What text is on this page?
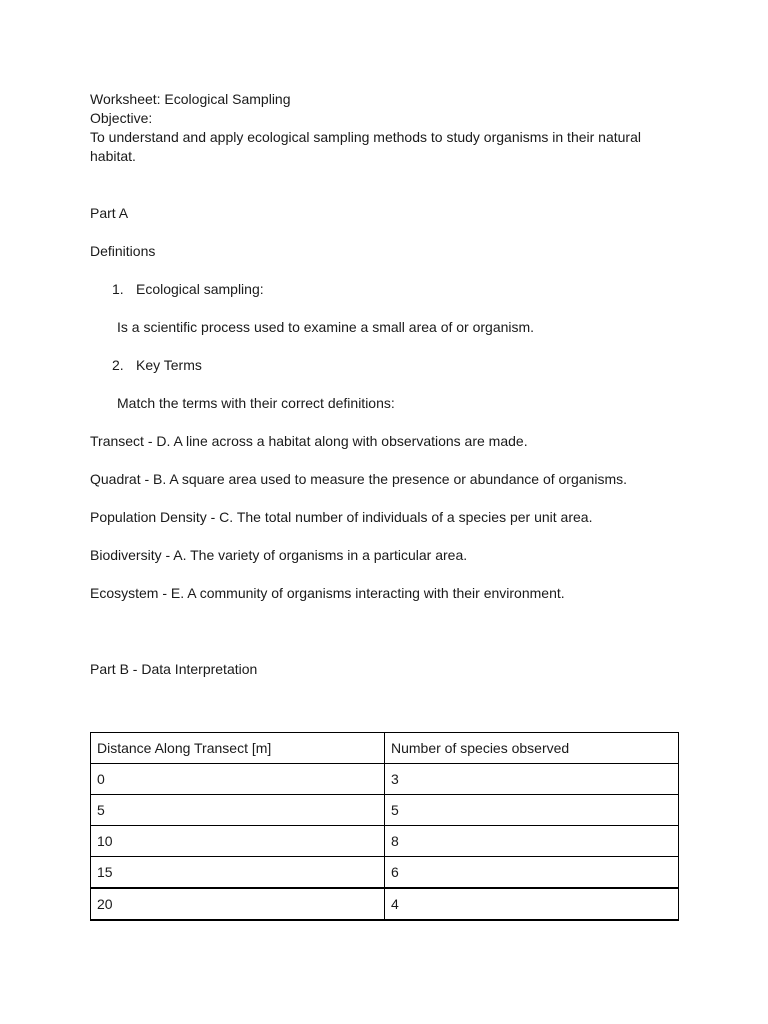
Worksheet: Ecological Sampling

Objective:

To understand and apply ecological sampling methods to study organisms in their natural habitat.

Part A

Definitions

1. Ecological sampling:

Is a scientific process used to examine a small area of or organism.

2. Key Terms

Match the terms with their correct definitions:

Transect - D. A line across a habitat along with observations are made.

Quadrat - B. A square area used to measure the presence or abundance of organisms.

Population Density - C. The total number of individuals of a species per unit area.

Biodiversity - A. The variety of organisms in a particular area.

Ecosystem - E. A community of organisms interacting with their environment.

Part B - Data Interpretation

Distance Along Transect [m]	Number of species observed
0	3
5	5
10	8
15	6
20	4
